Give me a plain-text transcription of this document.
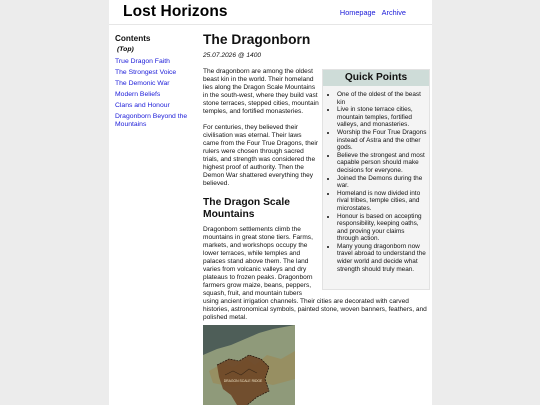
Lost Horizons	Homepage Archive
Contents
(Top)
True Dragon Faith
The Strongest Voice
The Demonic War
Modern Beliefs
Clans and Honour
Dragonborn Beyond the Mountains
The Dragonborn
25.07.2026 @ 1400

The dragonborn are among the oldest beast kin in the world. Their homeland lies along the Dragon Scale Mountains in the south-west, where they build vast stone terraces, stepped cities, mountain temples, and fortified monasteries.

For centuries, they believed their civilisation was eternal. Their laws came from the Four True Dragons, their rulers were chosen through sacred trials, and strength was considered the highest proof of authority. Then the Demon War shattered everything they believed.

The Dragon Scale Mountains

Dragonborn settlements climb the mountains in great stone tiers. Farms, markets, and workshops occupy the lower terraces, while temples and palaces stand above them. The land varies from volcanic valleys and dry plateaus to frozen peaks. Dragonborn farmers grow maize, beans, peppers, squash, fruit, and mountain tubers

using ancient irrigation channels. Their cities are decorated with carved histories, astronomical symbols, painted stone, woven banners, feathers, and polished metal.

Quick Points
• One of the oldest of the beast kin
• Live in stone terrace cities, mountain temples, fortified valleys, and monasteries.
• Worship the Four True Dragons instead of Astra and the other gods.
• Believe the strongest and most capable person should make decisions for everyone.
• Joined the Demons during the war.
• Homeland is now divided into rival tribes, temple cities, and microstates.
• Honour is based on accepting responsibility, keeping oaths, and proving your claims through action.
• Many young dragonborn now travel abroad to understand the wider world and decide what strength should truly mean.
DRAGON SCALE RIDGE
